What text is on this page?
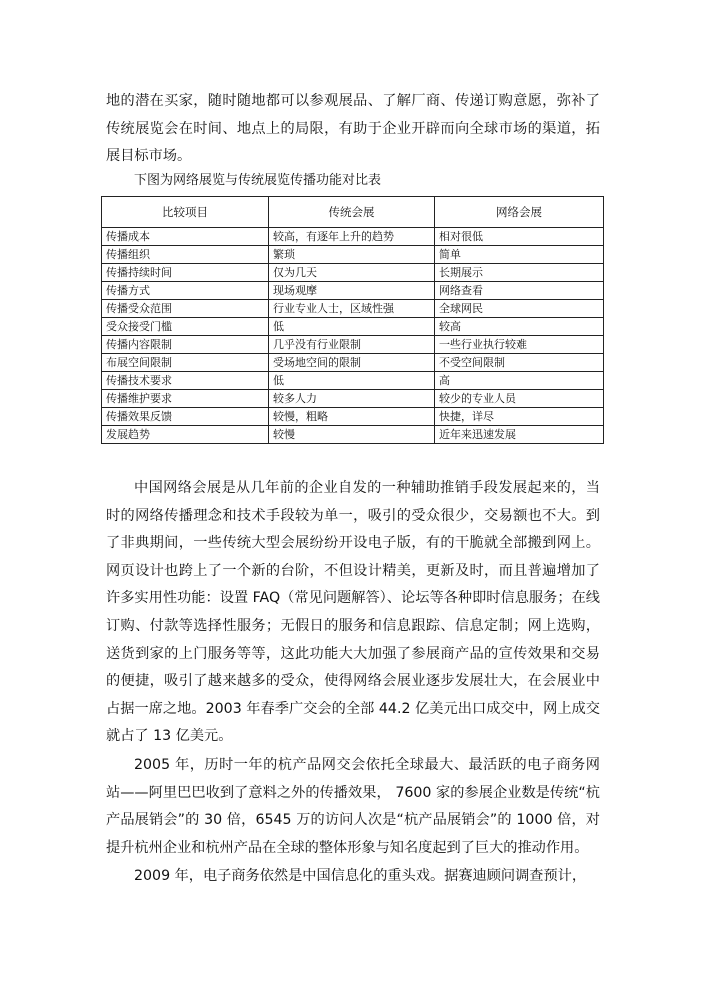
地的潜在买家，随时随地都可以参观展品、了解厂商、传递订购意愿，弥补了传统展览会在时间、地点上的局限，有助于企业开辟而向全球市场的渠道，拓展目标市场。

下图为网络展览与传统展览传播功能对比表

比较项目	传统会展	网络会展
传播成本	较高，有逐年上升的趋势	相对很低
传播组织	繁琐	简单
传播持续时间	仅为几天	长期展示
传播方式	现场观摩	网络查看
传播受众范围	行业专业人士，区域性强	全球网民
受众接受门槛	低	较高
传播内容限制	几乎没有行业限制	一些行业执行较难
布展空间限制	受场地空间的限制	不受空间限制
传播技术要求	低	高
传播维护要求	较多人力	较少的专业人员
传播效果反馈	较慢，粗略	快捷，详尽
发展趋势	较慢	近年来迅速发展

中国网络会展是从几年前的企业自发的一种辅助推销手段发展起来的，当时的网络传播理念和技术手段较为单一，吸引的受众很少，交易额也不大。到了非典期间，一些传统大型会展纷纷开设电子版，有的干脆就全部搬到网上。网页设计也跨上了一个新的台阶，不但设计精美，更新及时，而且普遍增加了许多实用性功能：设置 FAQ（常见问题解答）、论坛等各种即时信息服务；在线订购、付款等选择性服务；无假日的服务和信息跟踪、信息定制；网上选购，送货到家的上门服务等等，这此功能大大加强了参展商产品的宣传效果和交易的便捷，吸引了越来越多的受众，使得网络会展业逐步发展壮大，在会展业中占据一席之地。2003 年春季广交会的全部 44.2 亿美元出口成交中，网上成交就占了 13 亿美元。

2005 年，历时一年的杭产品网交会依托全球最大、最活跃的电子商务网站——阿里巴巴收到了意料之外的传播效果， 7600 家的参展企业数是传统“杭产品展销会”的 30 倍，6545 万的访问人次是“杭产品展销会”的 1000 倍，对提升杭州企业和杭州产品在全球的整体形象与知名度起到了巨大的推动作用。

2009 年，电子商务依然是中国信息化的重头戏。据赛迪顾问调查预计，
